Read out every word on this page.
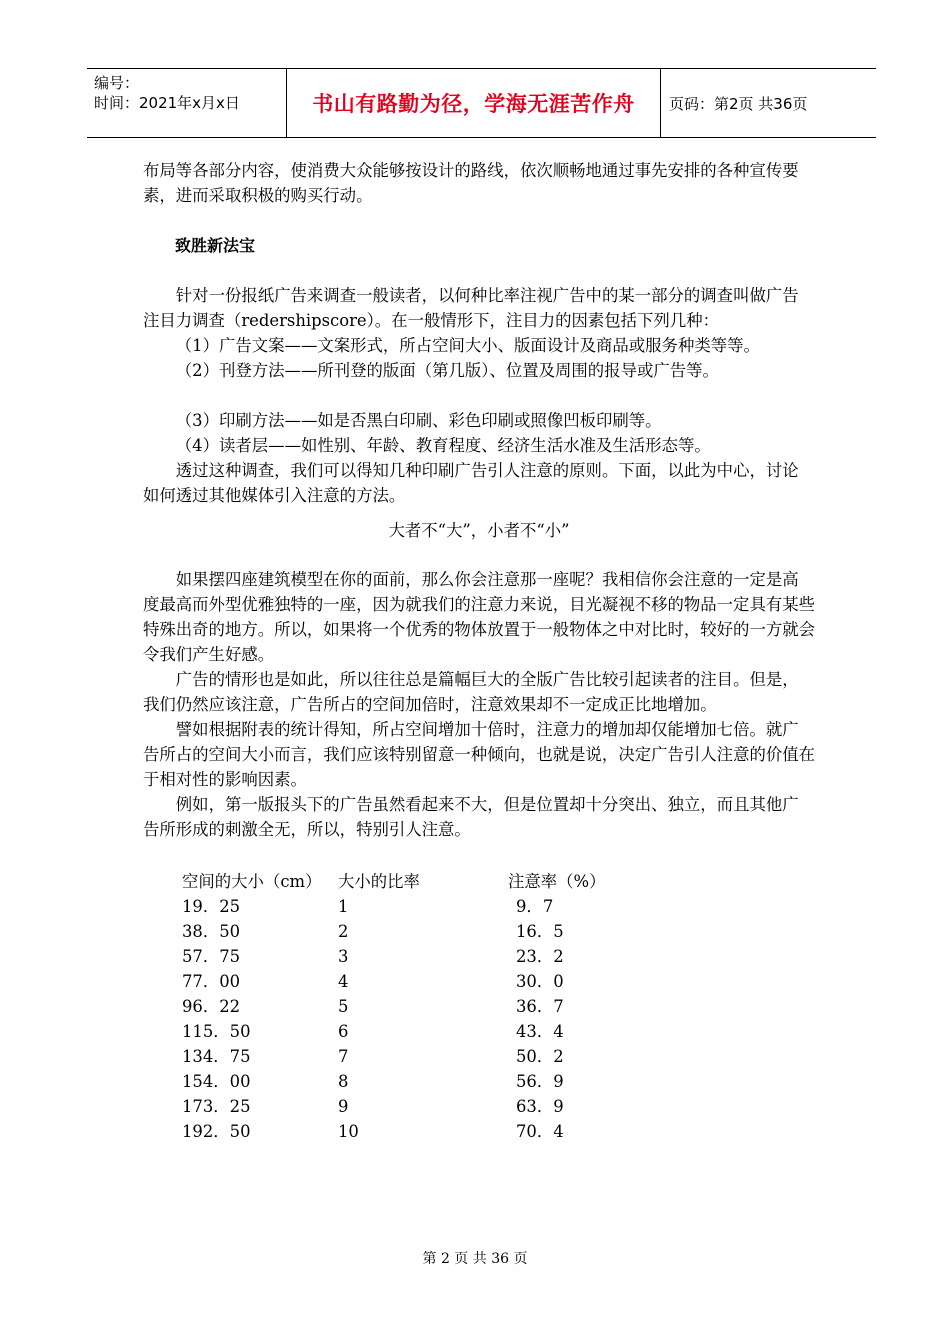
编号：
时间：2021年x月x日	书山有路勤为径，学海无涯苦作舟	页码：第2页 共36页

布局等各部分内容，使消费大众能够按设计的路线，依次顺畅地通过事先安排的各种宣传要素，进而采取积极的购买行动。

致胜新法宝

针对一份报纸广告来调查一般读者，以何种比率注视广告中的某一部分的调查叫做广告注目力调查（redershipscore）。在一般情形下，注目力的因素包括下列几种：

（1）广告文案——文案形式，所占空间大小、版面设计及商品或服务种类等等。

（2）刊登方法——所刊登的版面（第几版）、位置及周围的报导或广告等。

（3）印刷方法——如是否黑白印刷、彩色印刷或照像凹板印刷等。

（4）读者层——如性别、年龄、教育程度、经济生活水准及生活形态等。

透过这种调查，我们可以得知几种印刷广告引人注意的原则。下面，以此为中心，讨论如何透过其他媒体引入注意的方法。

大者不“大”，小者不“小”

如果摆四座建筑模型在你的面前，那么你会注意那一座呢？我相信你会注意的一定是高度最高而外型优雅独特的一座，因为就我们的注意力来说，目光凝视不移的物品一定具有某些特殊出奇的地方。所以，如果将一个优秀的物体放置于一般物体之中对比时，较好的一方就会令我们产生好感。

广告的情形也是如此，所以往往总是篇幅巨大的全版广告比较引起读者的注目。但是，我们仍然应该注意，广告所占的空间加倍时，注意效果却不一定成正比地增加。

譬如根据附表的统计得知，所占空间增加十倍时，注意力的增加却仅能增加七倍。就广告所占的空间大小而言，我们应该特别留意一种倾向，也就是说，决定广告引人注意的价值在于相对性的影响因素。

例如，第一版报头下的广告虽然看起来不大，但是位置却十分突出、独立，而且其他广告所形成的刺激全无，所以，特别引人注意。

空间的大小（cm）	大小的比率	注意率（%）
19．25	1	9．7
38．50	2	16．5
57．75	3	23．2
77．00	4	30．0
96．22	5	36．7
115．50	6	43．4
134．75	7	50．2
154．00	8	56．9
173．25	9	63．9
192．50	10	70．4
第 2 页 共 36 页
